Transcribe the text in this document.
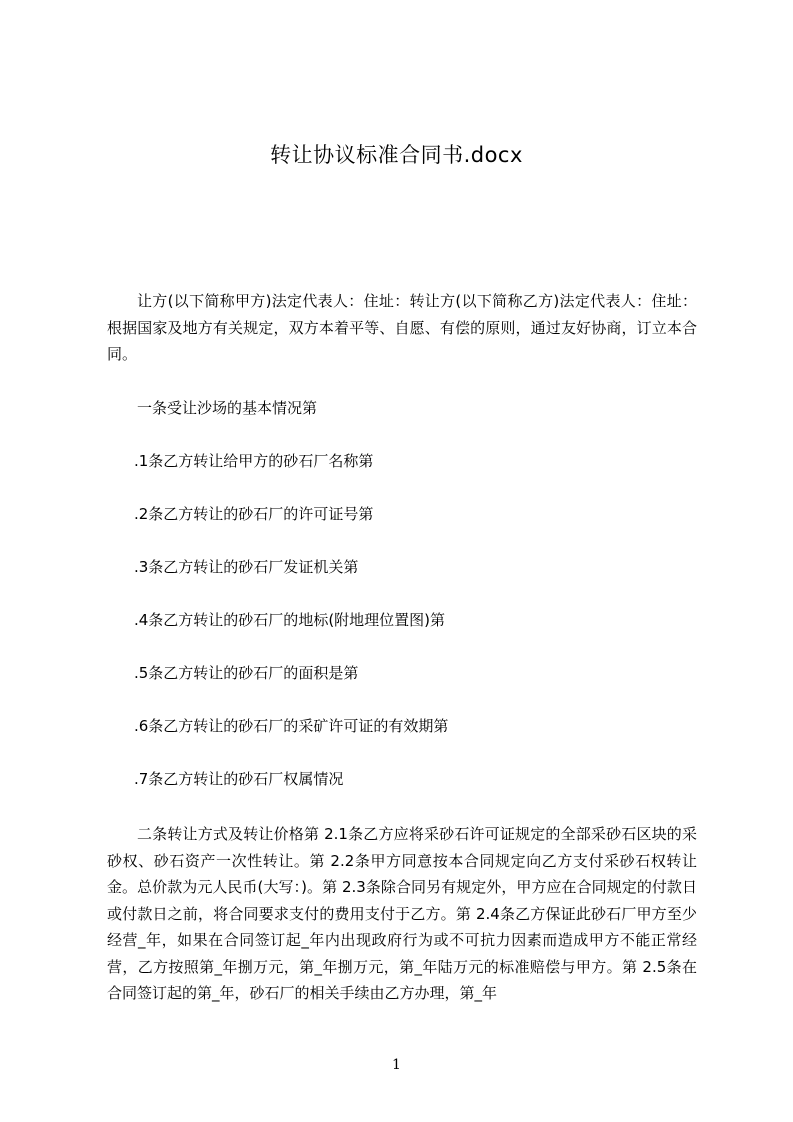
转让协议标准合同书.docx

让方(以下简称甲方)法定代表人：住址：转让方(以下简称乙方)法定代表人：住址：根据国家及地方有关规定，双方本着平等、自愿、有偿的原则，通过友好协商，订立本合同。

一条受让沙场的基本情况第

.1条乙方转让给甲方的砂石厂名称第

.2条乙方转让的砂石厂的许可证号第

.3条乙方转让的砂石厂发证机关第

.4条乙方转让的砂石厂的地标(附地理位置图)第

.5条乙方转让的砂石厂的面积是第

.6条乙方转让的砂石厂的采矿许可证的有效期第

.7条乙方转让的砂石厂权属情况

二条转让方式及转让价格第 2.1条乙方应将采砂石许可证规定的全部采砂石区块的采砂权、砂石资产一次性转让。第 2.2条甲方同意按本合同规定向乙方支付采砂石权转让金。总价款为元人民币(大写：)。第 2.3条除合同另有规定外，甲方应在合同规定的付款日或付款日之前，将合同要求支付的费用支付于乙方。第 2.4条乙方保证此砂石厂甲方至少经营_年，如果在合同签订起_年内出现政府行为或不可抗力因素而造成甲方不能正常经营，乙方按照第_年捌万元，第_年捌万元，第_年陆万元的标准赔偿与甲方。第 2.5条在合同签订起的第_年，砂石厂的相关手续由乙方办理，第_年

1
